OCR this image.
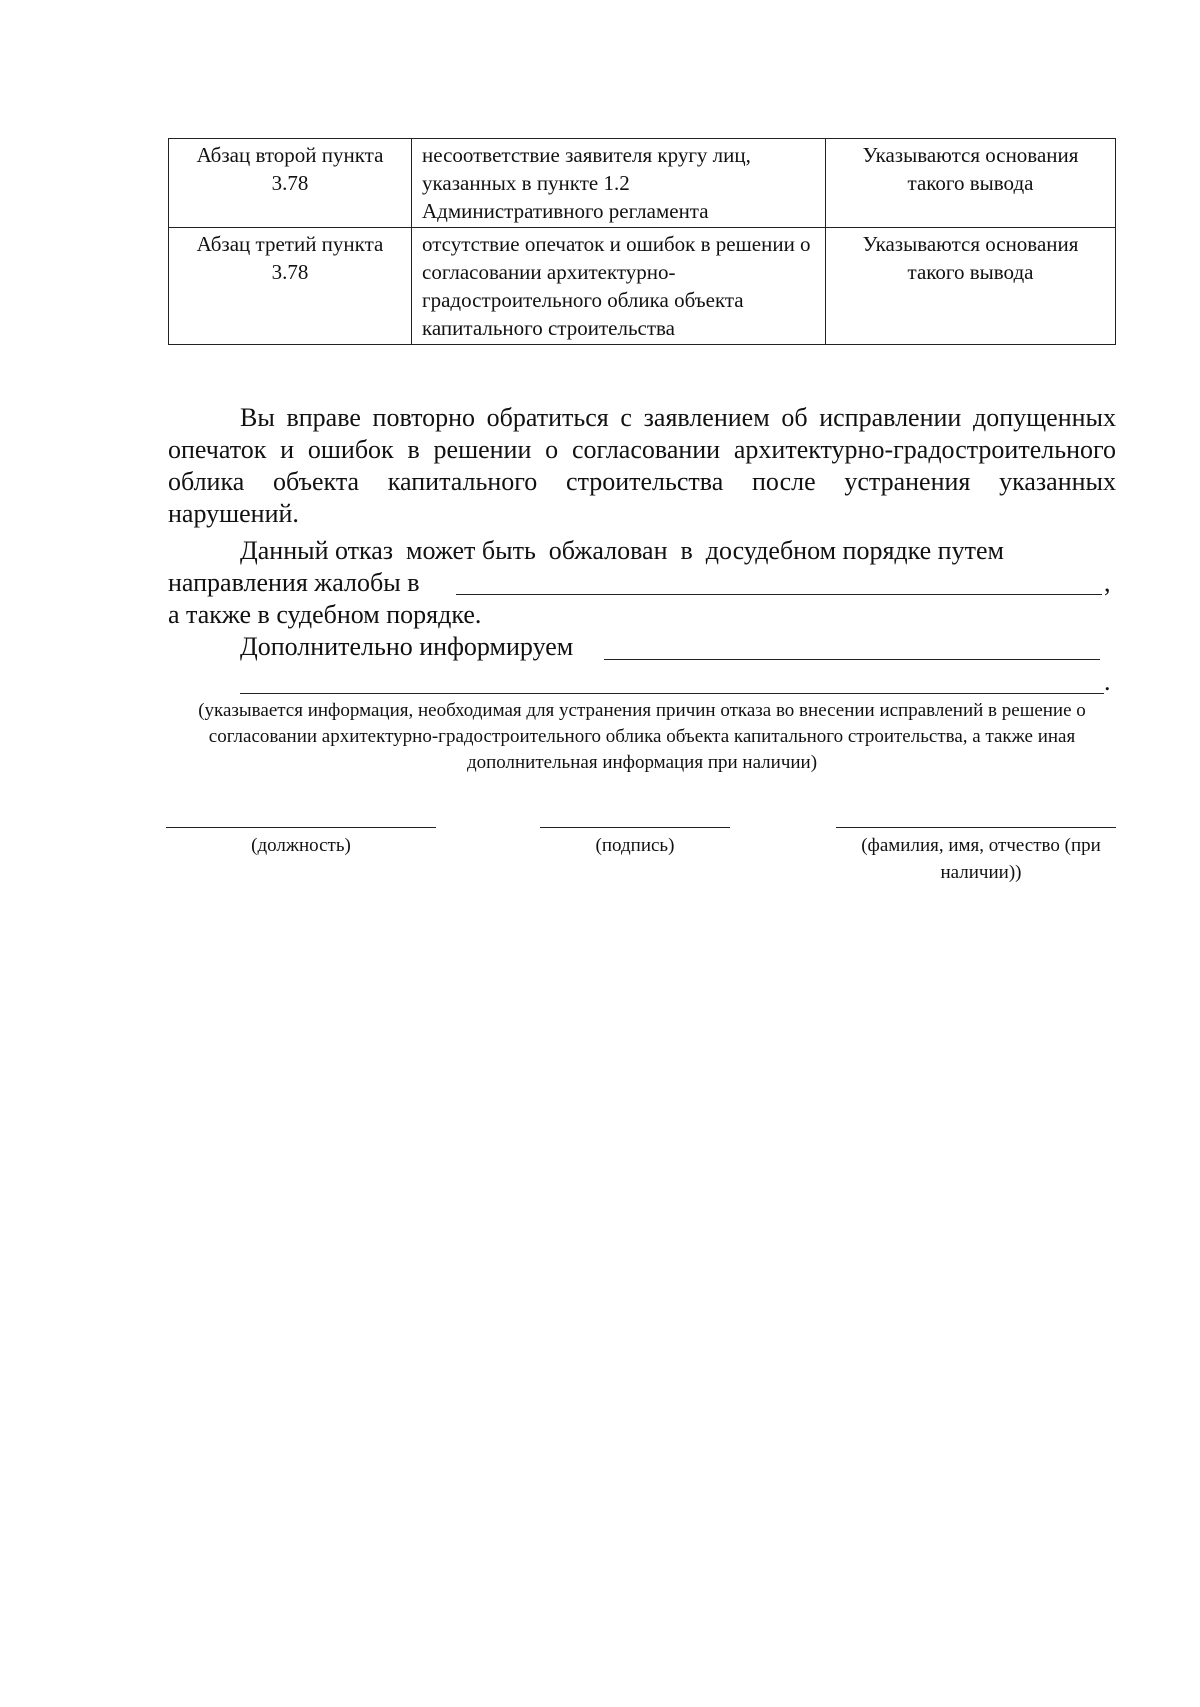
Абзац второй пункта 3.78	несоответствие заявителя кругу лиц, указанных в пункте 1.2 Административного регламента	Указываются основания такого вывода
Абзац третий пункта 3.78	отсутствие опечаток и ошибок в решении о согласовании архитектурно-градостроительного облика объекта капитального строительства	Указываются основания такого вывода
Вы вправе повторно обратиться с заявлением об исправлении допущенных опечаток и ошибок в решении о согласовании архитектурно-градостроительного облика объекта капитального строительства после устранения указанных нарушений.
Данный отказ  может быть  обжалован  в  досудебном порядке путем
направления жалобы в	,
а также в судебном порядке.
Дополнительно информируем
.
(указывается информация, необходимая для устранения причин отказа во внесении исправлений в решение о согласовании архитектурно-градостроительного облика объекта капитального строительства, а также иная дополнительная информация при наличии)
(должность)	(подпись)	(фамилия, имя, отчество (при наличии))
